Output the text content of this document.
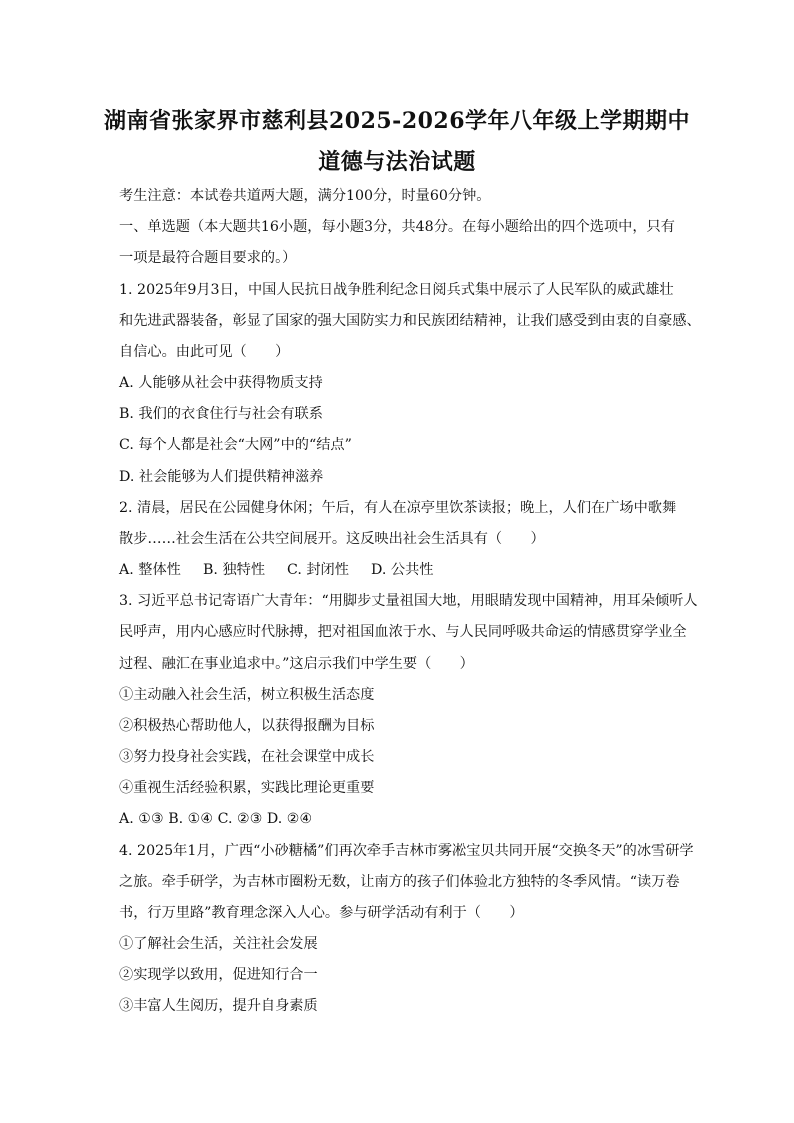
湖南省张家界市慈利县2025-2026学年八年级上学期期中
道德与法治试题
考生注意：本试卷共道两大题，满分100分，时量60分钟。
一、单选题（本大题共16小题，每小题3分，共48分。在每小题给出的四个选项中，只有
一项是最符合题目要求的。）
1. 2025年9月3日，中国人民抗日战争胜利纪念日阅兵式集中展示了人民军队的威武雄壮
和先进武器装备，彰显了国家的强大国防实力和民族团结精神，让我们感受到由衷的自豪感、
自信心。由此可见（　　）
A. 人能够从社会中获得物质支持
B. 我们的衣食住行与社会有联系
C. 每个人都是社会“大网”中的“结点”
D. 社会能够为人们提供精神滋养
2. 清晨，居民在公园健身休闲；午后，有人在凉亭里饮茶读报；晚上，人们在广场中歌舞
散步……社会生活在公共空间展开。这反映出社会生活具有（　　）
A. 整体性 B. 独特性 C. 封闭性 D. 公共性
3. 习近平总书记寄语广大青年：“用脚步丈量祖国大地，用眼睛发现中国精神，用耳朵倾听人
民呼声，用内心感应时代脉搏，把对祖国血浓于水、与人民同呼吸共命运的情感贯穿学业全
过程、融汇在事业追求中。”这启示我们中学生要（　　）
①主动融入社会生活，树立积极生活态度
②积极热心帮助他人，以获得报酬为目标
③努力投身社会实践，在社会课堂中成长
④重视生活经验积累，实践比理论更重要
A. ①③ B. ①④ C. ②③ D. ②④
4. 2025年1月，广西“小砂糖橘”们再次牵手吉林市雾凇宝贝共同开展“交换冬天”的冰雪研学
之旅。牵手研学，为吉林市圈粉无数，让南方的孩子们体验北方独特的冬季风情。“读万卷
书，行万里路”教育理念深入人心。参与研学活动有利于（　　）
①了解社会生活，关注社会发展
②实现学以致用，促进知行合一
③丰富人生阅历，提升自身素质
